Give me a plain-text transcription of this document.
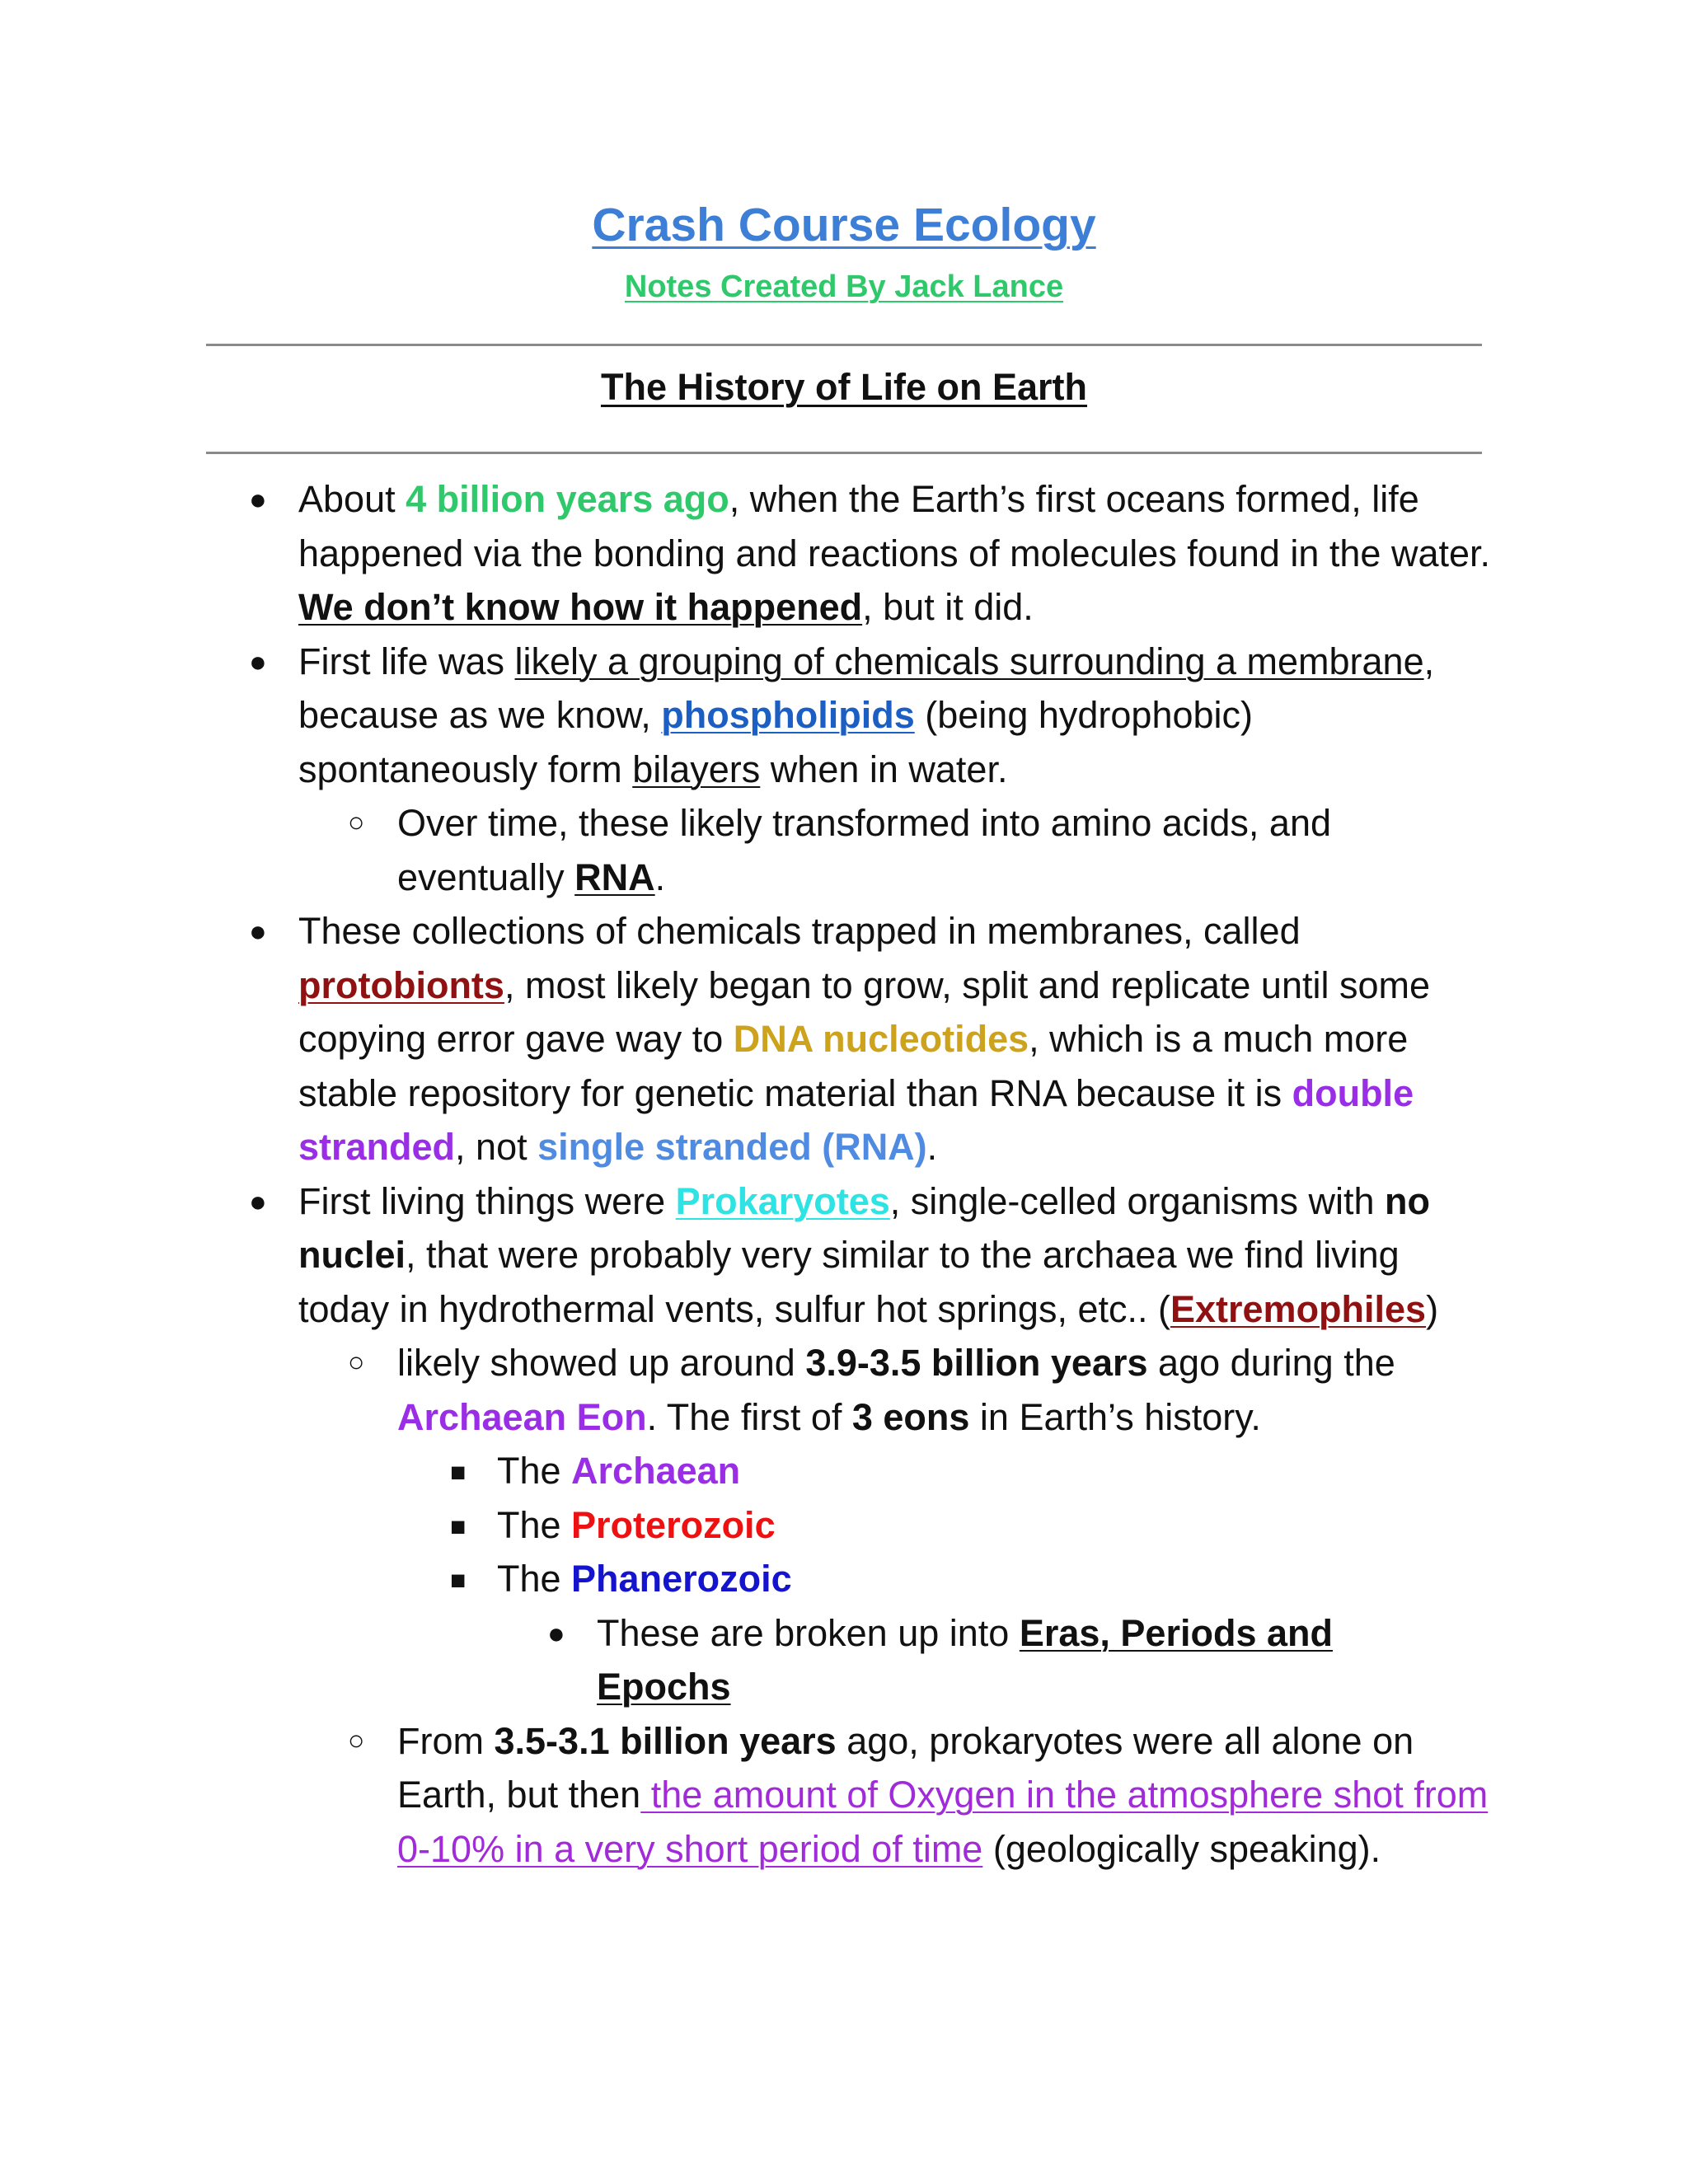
Crash Course Ecology
Notes Created By Jack Lance
The History of Life on Earth
● About 4 billion years ago, when the Earth’s first oceans formed, life happened via the bonding and reactions of molecules found in the water. We don’t know how it happened, but it did.
● First life was likely a grouping of chemicals surrounding a membrane, because as we know, phospholipids (being hydrophobic) spontaneously form bilayers when in water.
○ Over time, these likely transformed into amino acids, and eventually RNA.
● These collections of chemicals trapped in membranes, called protobionts, most likely began to grow, split and replicate until some copying error gave way to DNA nucleotides, which is a much more stable repository for genetic material than RNA because it is double stranded, not single stranded (RNA).
● First living things were Prokaryotes, single-celled organisms with no nuclei, that were probably very similar to the archaea we find living today in hydrothermal vents, sulfur hot springs, etc.. (Extremophiles)
○ likely showed up around 3.9-3.5 billion years ago during the Archaean Eon. The first of 3 eons in Earth’s history.
■ The Archaean
■ The Proterozoic
■ The Phanerozoic
● These are broken up into Eras, Periods and Epochs
○ From 3.5-3.1 billion years ago, prokaryotes were all alone on Earth, but then the amount of Oxygen in the atmosphere shot from 0-10% in a very short period of time (geologically speaking).
